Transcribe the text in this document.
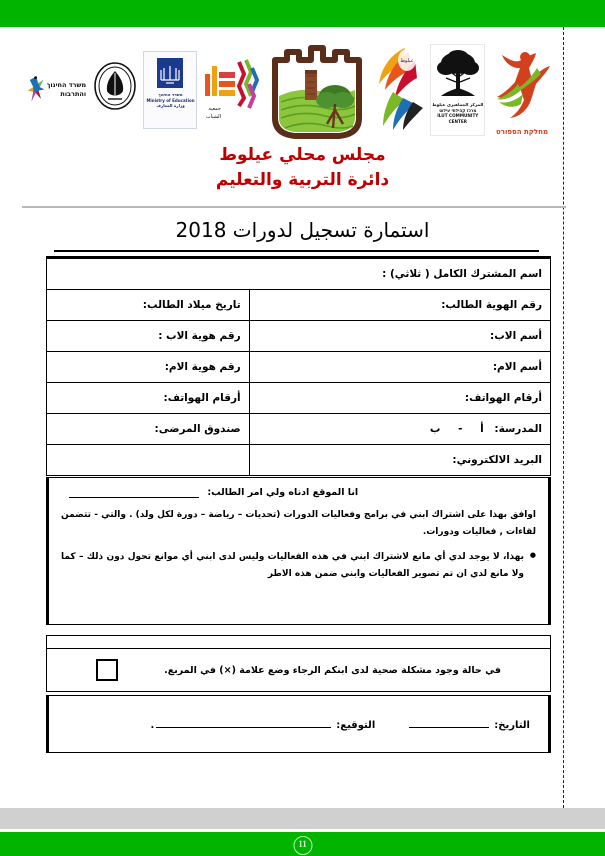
מחלקת הספורט
المركز الجماهيري عيلوط
מרכז קהילתי עילוט
ILUT COMMUNITY CENTER
عيلوط
جمعية
الشباب
משרד החינוך
Ministry of Education
وزارة المعارف
משרד החינוך והתרבות
مجلس محلي عيلوط
دائرة التربية والتعليم
استمارة تسجيل لدورات 2018
اسم المشترك الكامل ( ثلاثي) :	
رقم الهوية الطالب:	تاريخ ميلاد الطالب:
أسم الاب:	رقم هوية الاب :
أسم الام:	رقم هوية الام:
أرقام الهواتف:	أرقام الهواتف:
المدرسة: أ - ب	صندوق المرضى:
البريد الالكتروني:	
انا الموقع ادناه ولي امر الطالب:
اوافق بهذا على اشتراك ابني في برامج وفعاليات الدورات (تحديات – رياضة – دورة لكل ولد) . والتي - تتضمن لقاءات , فعاليات ودورات.
● بهذا، لا يوجد لدي أي مانع لاشتراك ابني في هذه الفعاليات وليس لدى ابني أي موانع تحول دون ذلك – كما ولا مانع لدي ان تم تصوير الفعاليات وابني ضمن هذه الاطر
في حالة وجود مشكلة صحية لدى ابنكم الرجاء وضع علامة (×) في المربع.
التاريخ:
التوقيع:
.
11
